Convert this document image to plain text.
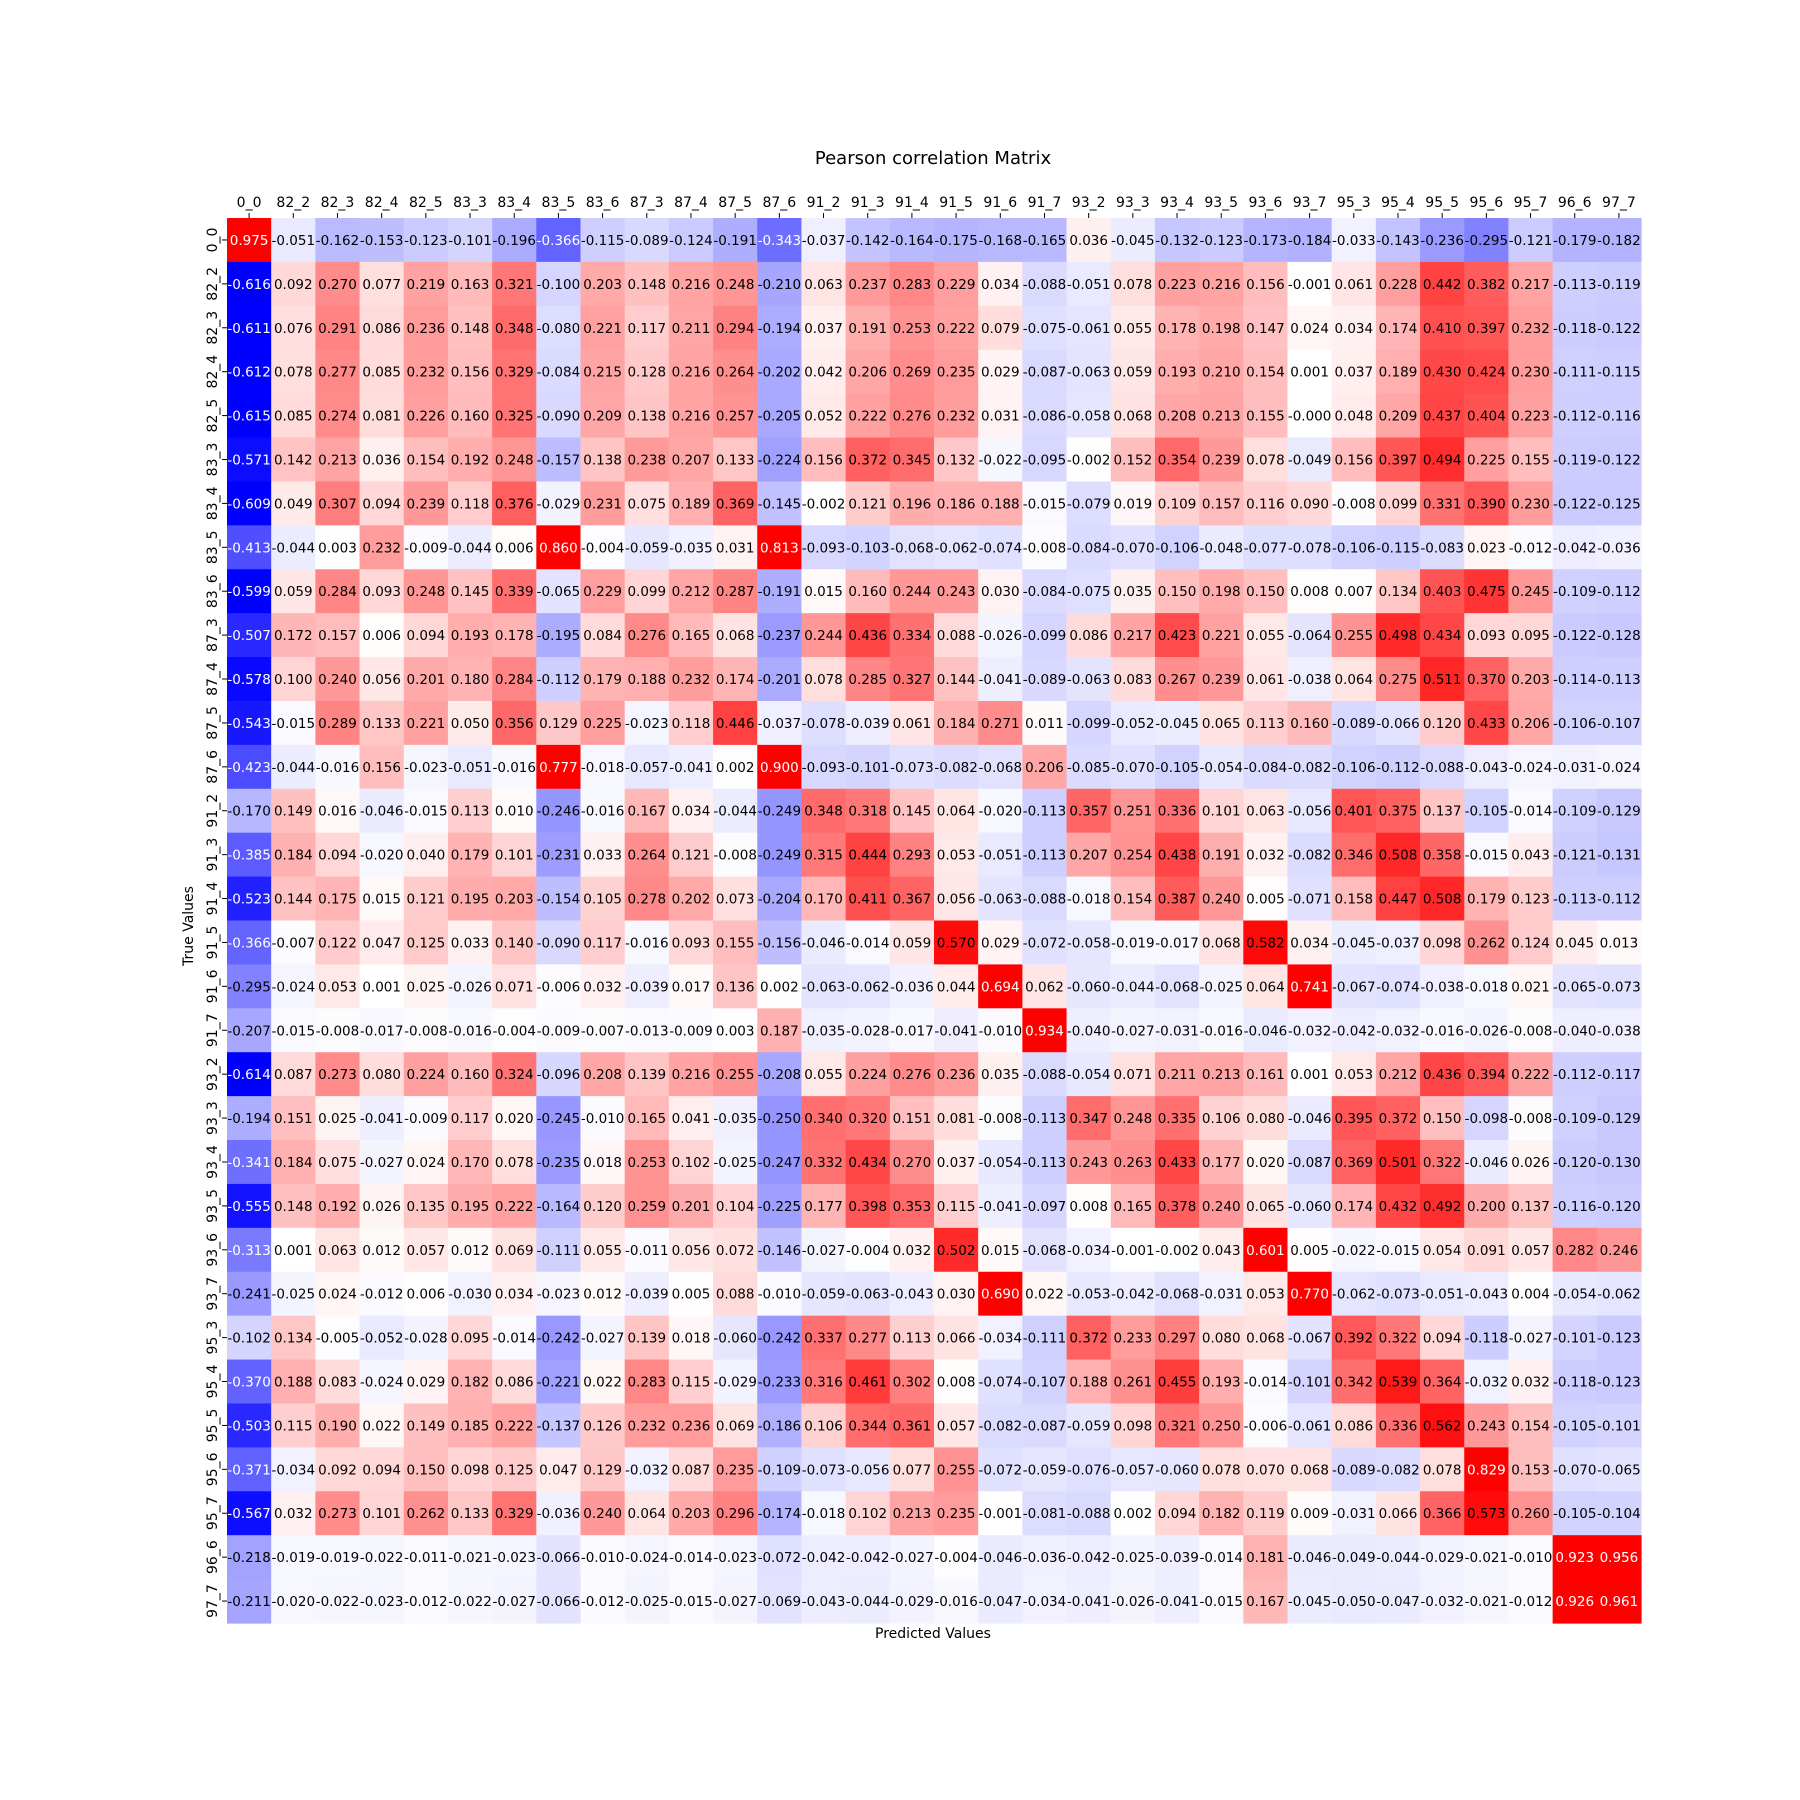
Pearson correlation Matrix
Predicted Values
True Values
0.975 -0.051 -0.162 -0.153 -0.123 -0.101 -0.196 -0.366 -0.115 -0.089 -0.124 -0.191 -0.343 -0.037 -0.142 -0.164 -0.175 -0.168 -0.165 0.036 -0.045 -0.132 -0.123 -0.173 -0.184 -0.033 -0.143 -0.236 -0.295 -0.121 -0.179 -0.182
-0.616 0.092 0.270 0.077 0.219 0.163 0.321 -0.100 0.203 0.148 0.216 0.248 -0.210 0.063 0.237 0.283 0.229 0.034 -0.088 -0.051 0.078 0.223 0.216 0.156 -0.001 0.061 0.228 0.442 0.382 0.217 -0.113 -0.119
-0.611 0.076 0.291 0.086 0.236 0.148 0.348 -0.080 0.221 0.117 0.211 0.294 -0.194 0.037 0.191 0.253 0.222 0.079 -0.075 -0.061 0.055 0.178 0.198 0.147 0.024 0.034 0.174 0.410 0.397 0.232 -0.118 -0.122
-0.612 0.078 0.277 0.085 0.232 0.156 0.329 -0.084 0.215 0.128 0.216 0.264 -0.202 0.042 0.206 0.269 0.235 0.029 -0.087 -0.063 0.059 0.193 0.210 0.154 0.001 0.037 0.189 0.430 0.424 0.230 -0.111 -0.115
-0.615 0.085 0.274 0.081 0.226 0.160 0.325 -0.090 0.209 0.138 0.216 0.257 -0.205 0.052 0.222 0.276 0.232 0.031 -0.086 -0.058 0.068 0.208 0.213 0.155 -0.000 0.048 0.209 0.437 0.404 0.223 -0.112 -0.116
-0.571 0.142 0.213 0.036 0.154 0.192 0.248 -0.157 0.138 0.238 0.207 0.133 -0.224 0.156 0.372 0.345 0.132 -0.022 -0.095 -0.002 0.152 0.354 0.239 0.078 -0.049 0.156 0.397 0.494 0.225 0.155 -0.119 -0.122
-0.609 0.049 0.307 0.094 0.239 0.118 0.376 -0.029 0.231 0.075 0.189 0.369 -0.145 -0.002 0.121 0.196 0.186 0.188 -0.015 -0.079 0.019 0.109 0.157 0.116 0.090 -0.008 0.099 0.331 0.390 0.230 -0.122 -0.125
-0.413 -0.044 0.003 0.232 -0.009 -0.044 0.006 0.860 -0.004 -0.059 -0.035 0.031 0.813 -0.093 -0.103 -0.068 -0.062 -0.074 -0.008 -0.084 -0.070 -0.106 -0.048 -0.077 -0.078 -0.106 -0.115 -0.083 0.023 -0.012 -0.042 -0.036
-0.599 0.059 0.284 0.093 0.248 0.145 0.339 -0.065 0.229 0.099 0.212 0.287 -0.191 0.015 0.160 0.244 0.243 0.030 -0.084 -0.075 0.035 0.150 0.198 0.150 0.008 0.007 0.134 0.403 0.475 0.245 -0.109 -0.112
-0.507 0.172 0.157 0.006 0.094 0.193 0.178 -0.195 0.084 0.276 0.165 0.068 -0.237 0.244 0.436 0.334 0.088 -0.026 -0.099 0.086 0.217 0.423 0.221 0.055 -0.064 0.255 0.498 0.434 0.093 0.095 -0.122 -0.128
-0.578 0.100 0.240 0.056 0.201 0.180 0.284 -0.112 0.179 0.188 0.232 0.174 -0.201 0.078 0.285 0.327 0.144 -0.041 -0.089 -0.063 0.083 0.267 0.239 0.061 -0.038 0.064 0.275 0.511 0.370 0.203 -0.114 -0.113
-0.543 -0.015 0.289 0.133 0.221 0.050 0.356 0.129 0.225 -0.023 0.118 0.446 -0.037 -0.078 -0.039 0.061 0.184 0.271 0.011 -0.099 -0.052 -0.045 0.065 0.113 0.160 -0.089 -0.066 0.120 0.433 0.206 -0.106 -0.107
-0.423 -0.044 -0.016 0.156 -0.023 -0.051 -0.016 0.777 -0.018 -0.057 -0.041 0.002 0.900 -0.093 -0.101 -0.073 -0.082 -0.068 0.206 -0.085 -0.070 -0.105 -0.054 -0.084 -0.082 -0.106 -0.112 -0.088 -0.043 -0.024 -0.031 -0.024
-0.170 0.149 0.016 -0.046 -0.015 0.113 0.010 -0.246 -0.016 0.167 0.034 -0.044 -0.249 0.348 0.318 0.145 0.064 -0.020 -0.113 0.357 0.251 0.336 0.101 0.063 -0.056 0.401 0.375 0.137 -0.105 -0.014 -0.109 -0.129
-0.385 0.184 0.094 -0.020 0.040 0.179 0.101 -0.231 0.033 0.264 0.121 -0.008 -0.249 0.315 0.444 0.293 0.053 -0.051 -0.113 0.207 0.254 0.438 0.191 0.032 -0.082 0.346 0.508 0.358 -0.015 0.043 -0.121 -0.131
-0.523 0.144 0.175 0.015 0.121 0.195 0.203 -0.154 0.105 0.278 0.202 0.073 -0.204 0.170 0.411 0.367 0.056 -0.063 -0.088 -0.018 0.154 0.387 0.240 0.005 -0.071 0.158 0.447 0.508 0.179 0.123 -0.113 -0.112
-0.366 -0.007 0.122 0.047 0.125 0.033 0.140 -0.090 0.117 -0.016 0.093 0.155 -0.156 -0.046 -0.014 0.059 0.570 0.029 -0.072 -0.058 -0.019 -0.017 0.068 0.582 0.034 -0.045 -0.037 0.098 0.262 0.124 0.045 0.013
-0.295 -0.024 0.053 0.001 0.025 -0.026 0.071 -0.006 0.032 -0.039 0.017 0.136 0.002 -0.063 -0.062 -0.036 0.044 0.694 0.062 -0.060 -0.044 -0.068 -0.025 0.064 0.741 -0.067 -0.074 -0.038 -0.018 0.021 -0.065 -0.073
-0.207 -0.015 -0.008 -0.017 -0.008 -0.016 -0.004 -0.009 -0.007 -0.013 -0.009 0.003 0.187 -0.035 -0.028 -0.017 -0.041 -0.010 0.934 -0.040 -0.027 -0.031 -0.016 -0.046 -0.032 -0.042 -0.032 -0.016 -0.026 -0.008 -0.040 -0.038
-0.614 0.087 0.273 0.080 0.224 0.160 0.324 -0.096 0.208 0.139 0.216 0.255 -0.208 0.055 0.224 0.276 0.236 0.035 -0.088 -0.054 0.071 0.211 0.213 0.161 0.001 0.053 0.212 0.436 0.394 0.222 -0.112 -0.117
-0.194 0.151 0.025 -0.041 -0.009 0.117 0.020 -0.245 -0.010 0.165 0.041 -0.035 -0.250 0.340 0.320 0.151 0.081 -0.008 -0.113 0.347 0.248 0.335 0.106 0.080 -0.046 0.395 0.372 0.150 -0.098 -0.008 -0.109 -0.129
-0.341 0.184 0.075 -0.027 0.024 0.170 0.078 -0.235 0.018 0.253 0.102 -0.025 -0.247 0.332 0.434 0.270 0.037 -0.054 -0.113 0.243 0.263 0.433 0.177 0.020 -0.087 0.369 0.501 0.322 -0.046 0.026 -0.120 -0.130
-0.555 0.148 0.192 0.026 0.135 0.195 0.222 -0.164 0.120 0.259 0.201 0.104 -0.225 0.177 0.398 0.353 0.115 -0.041 -0.097 0.008 0.165 0.378 0.240 0.065 -0.060 0.174 0.432 0.492 0.200 0.137 -0.116 -0.120
-0.313 0.001 0.063 0.012 0.057 0.012 0.069 -0.111 0.055 -0.011 0.056 0.072 -0.146 -0.027 -0.004 0.032 0.502 0.015 -0.068 -0.034 -0.001 -0.002 0.043 0.601 0.005 -0.022 -0.015 0.054 0.091 0.057 0.282 0.246
-0.241 -0.025 0.024 -0.012 0.006 -0.030 0.034 -0.023 0.012 -0.039 0.005 0.088 -0.010 -0.059 -0.063 -0.043 0.030 0.690 0.022 -0.053 -0.042 -0.068 -0.031 0.053 0.770 -0.062 -0.073 -0.051 -0.043 0.004 -0.054 -0.062
-0.102 0.134 -0.005 -0.052 -0.028 0.095 -0.014 -0.242 -0.027 0.139 0.018 -0.060 -0.242 0.337 0.277 0.113 0.066 -0.034 -0.111 0.372 0.233 0.297 0.080 0.068 -0.067 0.392 0.322 0.094 -0.118 -0.027 -0.101 -0.123
-0.370 0.188 0.083 -0.024 0.029 0.182 0.086 -0.221 0.022 0.283 0.115 -0.029 -0.233 0.316 0.461 0.302 0.008 -0.074 -0.107 0.188 0.261 0.455 0.193 -0.014 -0.101 0.342 0.539 0.364 -0.032 0.032 -0.118 -0.123
-0.503 0.115 0.190 0.022 0.149 0.185 0.222 -0.137 0.126 0.232 0.236 0.069 -0.186 0.106 0.344 0.361 0.057 -0.082 -0.087 -0.059 0.098 0.321 0.250 -0.006 -0.061 0.086 0.336 0.562 0.243 0.154 -0.105 -0.101
-0.371 -0.034 0.092 0.094 0.150 0.098 0.125 0.047 0.129 -0.032 0.087 0.235 -0.109 -0.073 -0.056 0.077 0.255 -0.072 -0.059 -0.076 -0.057 -0.060 0.078 0.070 0.068 -0.089 -0.082 0.078 0.829 0.153 -0.070 -0.065
-0.567 0.032 0.273 0.101 0.262 0.133 0.329 -0.036 0.240 0.064 0.203 0.296 -0.174 -0.018 0.102 0.213 0.235 -0.001 -0.081 -0.088 0.002 0.094 0.182 0.119 0.009 -0.031 0.066 0.366 0.573 0.260 -0.105 -0.104
-0.218 -0.019 -0.019 -0.022 -0.011 -0.021 -0.023 -0.066 -0.010 -0.024 -0.014 -0.023 -0.072 -0.042 -0.042 -0.027 -0.004 -0.046 -0.036 -0.042 -0.025 -0.039 -0.014 0.181 -0.046 -0.049 -0.044 -0.029 -0.021 -0.010 0.923 0.956
-0.211 -0.020 -0.022 -0.023 -0.012 -0.022 -0.027 -0.066 -0.012 -0.025 -0.015 -0.027 -0.069 -0.043 -0.044 -0.029 -0.016 -0.047 -0.034 -0.041 -0.026 -0.041 -0.015 0.167 -0.045 -0.050 -0.047 -0.032 -0.021 -0.012 0.926 0.961
0_0 82_2 82_3 82_4 82_5 83_3 83_4 83_5 83_6 87_3 87_4 87_5 87_6 91_2 91_3 91_4 91_5 91_6 91_7 93_2 93_3 93_4 93_5 93_6 93_7 95_3 95_4 95_5 95_6 95_7 96_6 97_7
0_0
82_2
82_3
82_4
82_5
83_3
83_4
83_5
83_6
87_3
87_4
87_5
87_6
91_2
91_3
91_4
91_5
91_6
91_7
93_2
93_3
93_4
93_5
93_6
93_7
95_3
95_4
95_5
95_6
95_7
96_6
97_7
